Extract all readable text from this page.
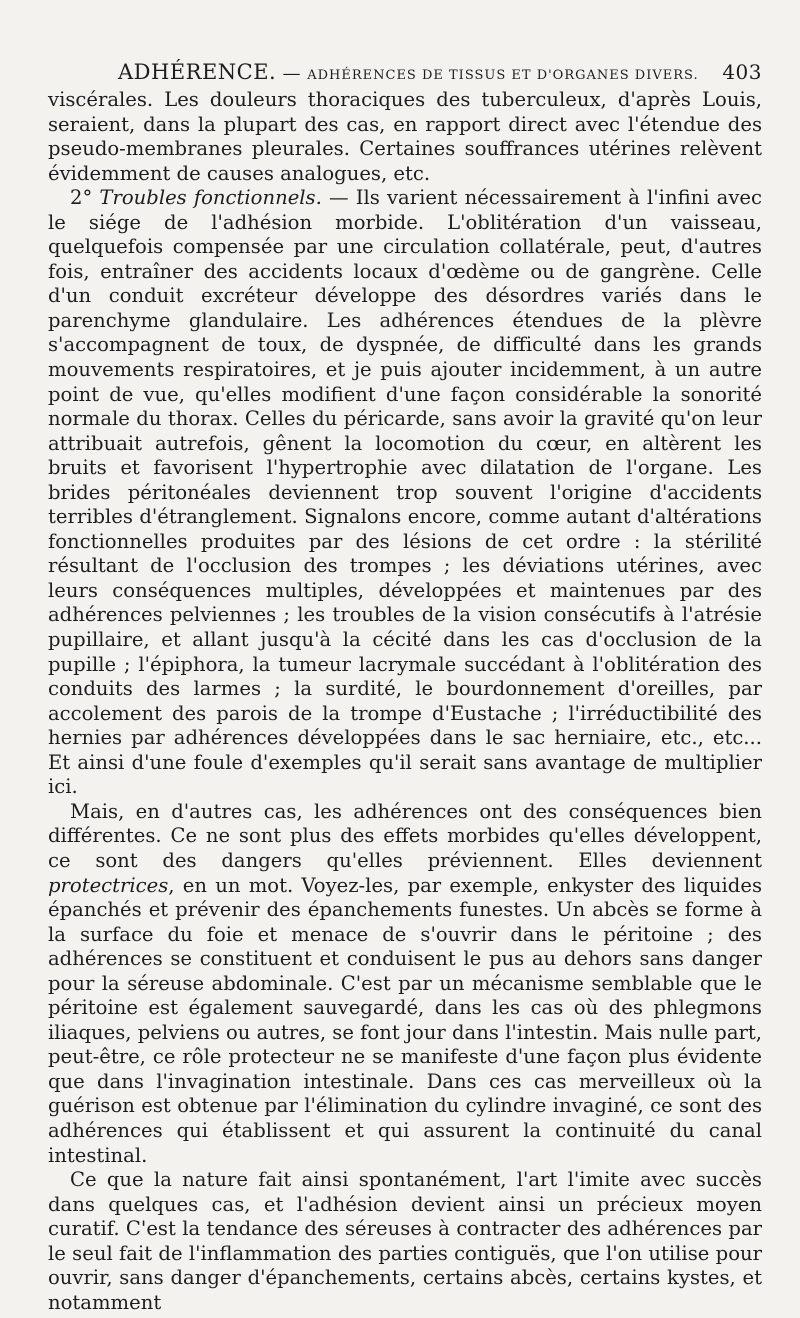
ADHÉRENCE. — ADHÉRENCES DE TISSUS ET D'ORGANES DIVERS. 403

viscérales. Les douleurs thoraciques des tuberculeux, d'après Louis, seraient, dans la plupart des cas, en rapport direct avec l'étendue des pseudo-membranes pleurales. Certaines souffrances utérines relèvent évidemment de causes analogues, etc.

2° Troubles fonctionnels. — Ils varient nécessairement à l'infini avec le siége de l'adhésion morbide. L'oblitération d'un vaisseau, quelquefois compensée par une circulation collatérale, peut, d'autres fois, entraîner des accidents locaux d'œdème ou de gangrène. Celle d'un conduit excréteur développe des désordres variés dans le parenchyme glandulaire. Les adhérences étendues de la plèvre s'accompagnent de toux, de dyspnée, de difficulté dans les grands mouvements respiratoires, et je puis ajouter incidemment, à un autre point de vue, qu'elles modifient d'une façon considérable la sonorité normale du thorax. Celles du péricarde, sans avoir la gravité qu'on leur attribuait autrefois, gênent la locomotion du cœur, en altèrent les bruits et favorisent l'hypertrophie avec dilatation de l'organe. Les brides péritonéales deviennent trop souvent l'origine d'accidents terribles d'étranglement. Signalons encore, comme autant d'altérations fonctionnelles produites par des lésions de cet ordre : la stérilité résultant de l'occlusion des trompes ; les déviations utérines, avec leurs conséquences multiples, développées et maintenues par des adhérences pelviennes ; les troubles de la vision consécutifs à l'atrésie pupillaire, et allant jusqu'à la cécité dans les cas d'occlusion de la pupille ; l'épiphora, la tumeur lacrymale succédant à l'oblitération des conduits des larmes ; la surdité, le bourdonnement d'oreilles, par accolement des parois de la trompe d'Eustache ; l'irréductibilité des hernies par adhérences développées dans le sac herniaire, etc., etc... Et ainsi d'une foule d'exemples qu'il serait sans avantage de multiplier ici.

Mais, en d'autres cas, les adhérences ont des conséquences bien différentes. Ce ne sont plus des effets morbides qu'elles développent, ce sont des dangers qu'elles préviennent. Elles deviennent protectrices, en un mot. Voyez-les, par exemple, enkyster des liquides épanchés et prévenir des épanchements funestes. Un abcès se forme à la surface du foie et menace de s'ouvrir dans le péritoine ; des adhérences se constituent et conduisent le pus au dehors sans danger pour la séreuse abdominale. C'est par un mécanisme semblable que le péritoine est également sauvegardé, dans les cas où des phlegmons iliaques, pelviens ou autres, se font jour dans l'intestin. Mais nulle part, peut-être, ce rôle protecteur ne se manifeste d'une façon plus évidente que dans l'invagination intestinale. Dans ces cas merveilleux où la guérison est obtenue par l'élimination du cylindre invaginé, ce sont des adhérences qui établissent et qui assurent la continuité du canal intestinal.

Ce que la nature fait ainsi spontanément, l'art l'imite avec succès dans quelques cas, et l'adhésion devient ainsi un précieux moyen curatif. C'est la tendance des séreuses à contracter des adhérences par le seul fait de l'inflammation des parties contiguës, que l'on utilise pour ouvrir, sans danger d'épanchements, certains abcès, certains kystes, et notamment
